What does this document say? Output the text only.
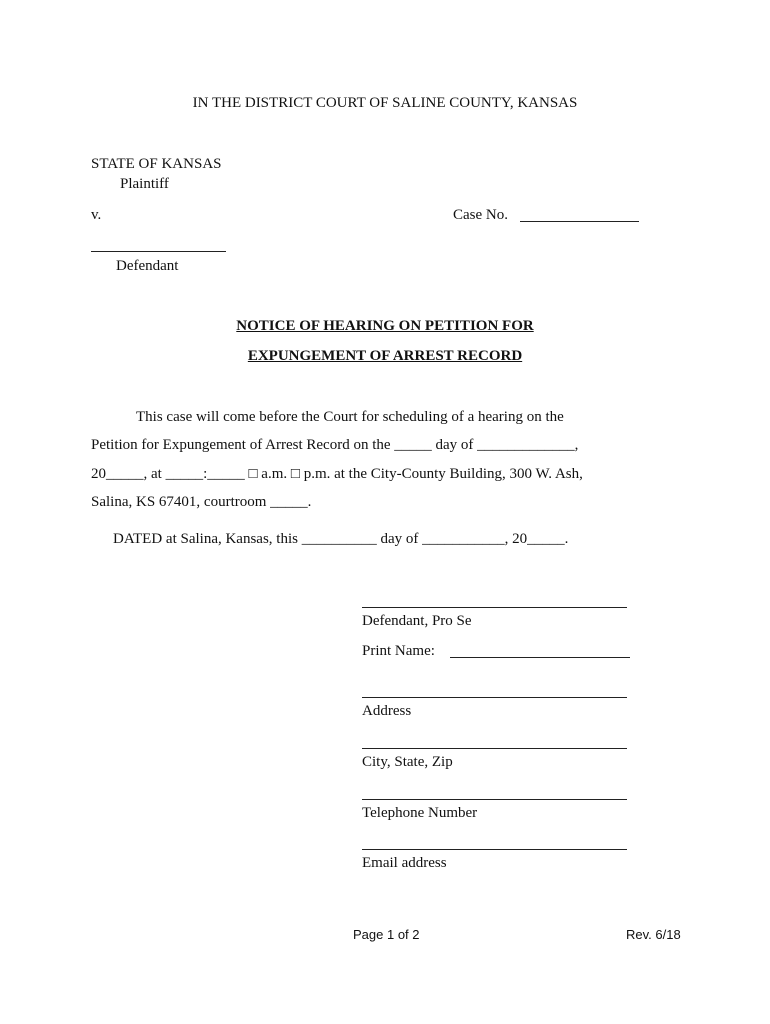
IN THE DISTRICT COURT OF SALINE COUNTY, KANSAS
STATE OF KANSAS
Plaintiff
v.	Case No.
Defendant
NOTICE OF HEARING ON PETITION FOR
EXPUNGEMENT OF ARREST RECORD
This case will come before the Court for scheduling of a hearing on the
Petition for Expungement of Arrest Record on the _____ day of _____________,
20_____, at _____:_____ □ a.m. □ p.m. at the City-County Building, 300 W. Ash,
Salina, KS 67401, courtroom _____.
DATED at Salina, Kansas, this __________ day of ___________, 20_____.
Defendant, Pro Se
Print Name:
Address
City, State, Zip
Telephone Number
Email address
Page 1 of 2	Rev. 6/18
